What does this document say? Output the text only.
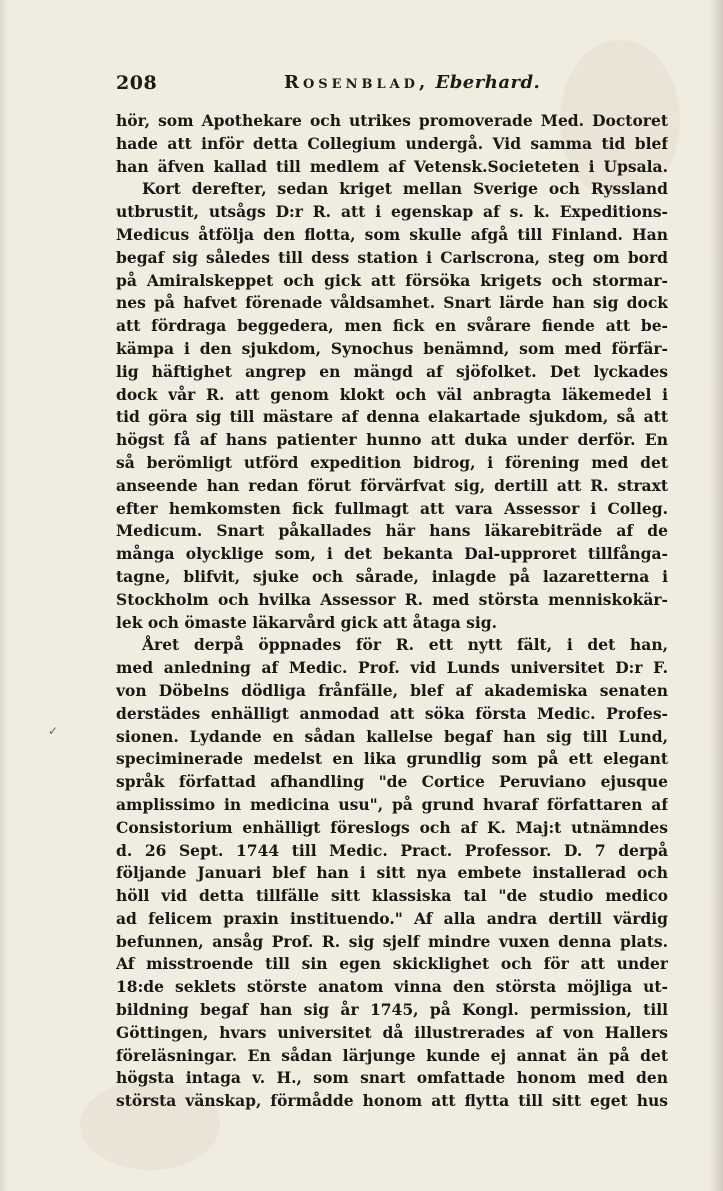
208	Rosenblad, Eberhard.
✓
hör, som Apothekare och utrikes promoverade Med. Doctoret
hade att inför detta Collegium undergå. Vid samma tid blef
han äfven kallad till medlem af Vetensk.Societeten i Upsala.
Kort derefter, sedan kriget mellan Sverige och Ryssland
utbrustit, utsågs D:r R. att i egenskap af s. k. Expeditions-
Medicus åtfölja den flotta, som skulle afgå till Finland. Han
begaf sig således till dess station i Carlscrona, steg om bord
på Amiralskeppet och gick att försöka krigets och stormar-
nes på hafvet förenade våldsamhet. Snart lärde han sig dock
att fördraga beggedera, men fick en svårare fiende att be-
kämpa i den sjukdom, Synochus benämnd, som med förfär-
lig häftighet angrep en mängd af sjöfolket. Det lyckades
dock vår R. att genom klokt och väl anbragta läkemedel i
tid göra sig till mästare af denna elakartade sjukdom, så att
högst få af hans patienter hunno att duka under derför. En
så berömligt utförd expedition bidrog, i förening med det
anseende han redan förut förvärfvat sig, dertill att R. straxt
efter hemkomsten fick fullmagt att vara Assessor i Colleg.
Medicum. Snart påkallades här hans läkarebiträde af de
många olycklige som, i det bekanta Dal-upproret tillfånga-
tagne, blifvit, sjuke och sårade, inlagde på lazaretterna i
Stockholm och hvilka Assessor R. med största menniskokär-
lek och ömaste läkarvård gick att åtaga sig.
Året derpå öppnades för R. ett nytt fält, i det han,
med anledning af Medic. Prof. vid Lunds universitet D:r F.
von Döbelns dödliga frånfälle, blef af akademiska senaten
derstädes enhälligt anmodad att söka första Medic. Profes-
sionen. Lydande en sådan kallelse begaf han sig till Lund,
speciminerade medelst en lika grundlig som på ett elegant
språk författad afhandling "de Cortice Peruviano ejusque
amplissimo in medicina usu", på grund hvaraf författaren af
Consistorium enhälligt föreslogs och af K. Maj:t utnämndes
d. 26 Sept. 1744 till Medic. Pract. Professor. D. 7 derpå
följande Januari blef han i sitt nya embete installerad och
höll vid detta tillfälle sitt klassiska tal "de studio medico
ad felicem praxin instituendo." Af alla andra dertill värdig
befunnen, ansåg Prof. R. sig sjelf mindre vuxen denna plats.
Af misstroende till sin egen skicklighet och för att under
18:de seklets störste anatom vinna den största möjliga ut-
bildning begaf han sig år 1745, på Kongl. permission, till
Göttingen, hvars universitet då illustrerades af von Hallers
föreläsningar. En sådan lärjunge kunde ej annat än på det
högsta intaga v. H., som snart omfattade honom med den
största vänskap, förmådde honom att flytta till sitt eget hus
